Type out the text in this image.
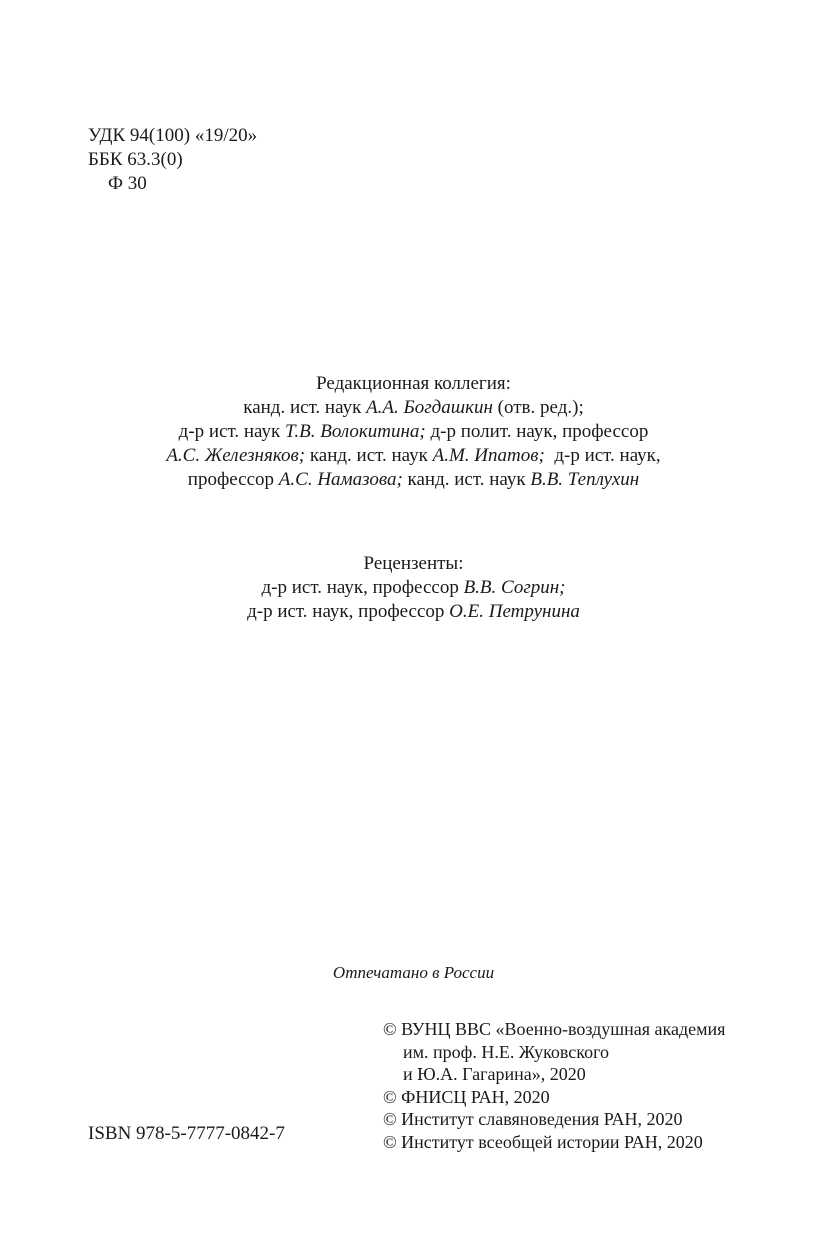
УДК 94(100) «19/20»
ББК 63.3(0)
Ф 30
Редакционная коллегия:
канд. ист. наук А.А. Богдашкин (отв. ред.);
д-р ист. наук Т.В. Волокитина; д-р полит. наук, профессор
А.С. Железняков; канд. ист. наук А.М. Ипатов;  д-р ист. наук,
профессор А.С. Намазова; канд. ист. наук В.В. Теплухин
Рецензенты:
д-р ист. наук, профессор В.В. Согрин;
д-р ист. наук, профессор О.Е. Петрунина
Отпечатано в России
© ВУНЦ ВВС «Военно-воздушная академия
им. проф. Н.Е. Жуковского
и Ю.А. Гагарина», 2020
© ФНИСЦ РАН, 2020
© Институт славяноведения РАН, 2020
© Институт всеобщей истории РАН, 2020
ISBN 978-5-7777-0842-7
